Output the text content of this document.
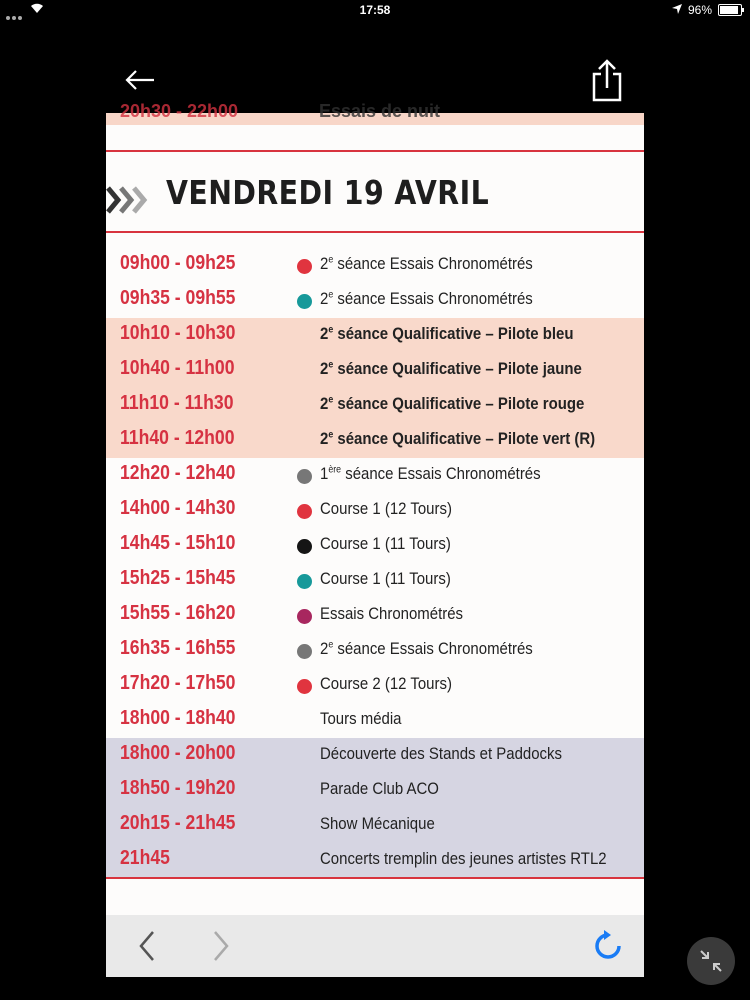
17:58	96%
20h30 - 22h00	Essais de nuit
VENDREDI 19 AVRIL
09h00 - 09h25	2e séance Essais Chronométrés
09h35 - 09h55	2e séance Essais Chronométrés
10h10 - 10h30	2e séance Qualificative – Pilote bleu
10h40 - 11h00	2e séance Qualificative – Pilote jaune
11h10 - 11h30	2e séance Qualificative – Pilote rouge
11h40 - 12h00	2e séance Qualificative – Pilote vert (R)
12h20 - 12h40	1ère séance Essais Chronométrés
14h00 - 14h30	Course 1 (12 Tours)
14h45 - 15h10	Course 1 (11 Tours)
15h25 - 15h45	Course 1 (11 Tours)
15h55 - 16h20	Essais Chronométrés
16h35 - 16h55	2e séance Essais Chronométrés
17h20 - 17h50	Course 2 (12 Tours)
18h00 - 18h40	Tours média
18h00 - 20h00	Découverte des Stands et Paddocks
18h50 - 19h20	Parade Club ACO
20h15 - 21h45	Show Mécanique
21h45	Concerts tremplin des jeunes artistes RTL2
